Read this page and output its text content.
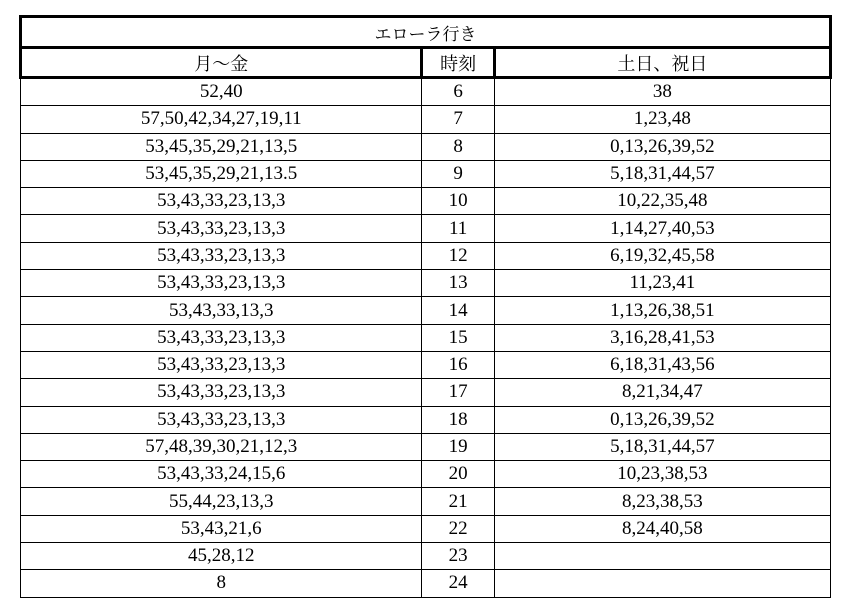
エローラ行き		
月～金	時刻	土日、祝日
52,40	6	38
57,50,42,34,27,19,11	7	1,23,48
53,45,35,29,21,13,5	8	0,13,26,39,52
53,45,35,29,21,13.5	9	5,18,31,44,57
53,43,33,23,13,3	10	10,22,35,48
53,43,33,23,13,3	11	1,14,27,40,53
53,43,33,23,13,3	12	6,19,32,45,58
53,43,33,23,13,3	13	11,23,41
53,43,33,13,3	14	1,13,26,38,51
53,43,33,23,13,3	15	3,16,28,41,53
53,43,33,23,13,3	16	6,18,31,43,56
53,43,33,23,13,3	17	8,21,34,47
53,43,33,23,13,3	18	0,13,26,39,52
57,48,39,30,21,12,3	19	5,18,31,44,57
53,43,33,24,15,6	20	10,23,38,53
55,44,23,13,3	21	8,23,38,53
53,43,21,6	22	8,24,40,58
45,28,12	23	
8	24	
